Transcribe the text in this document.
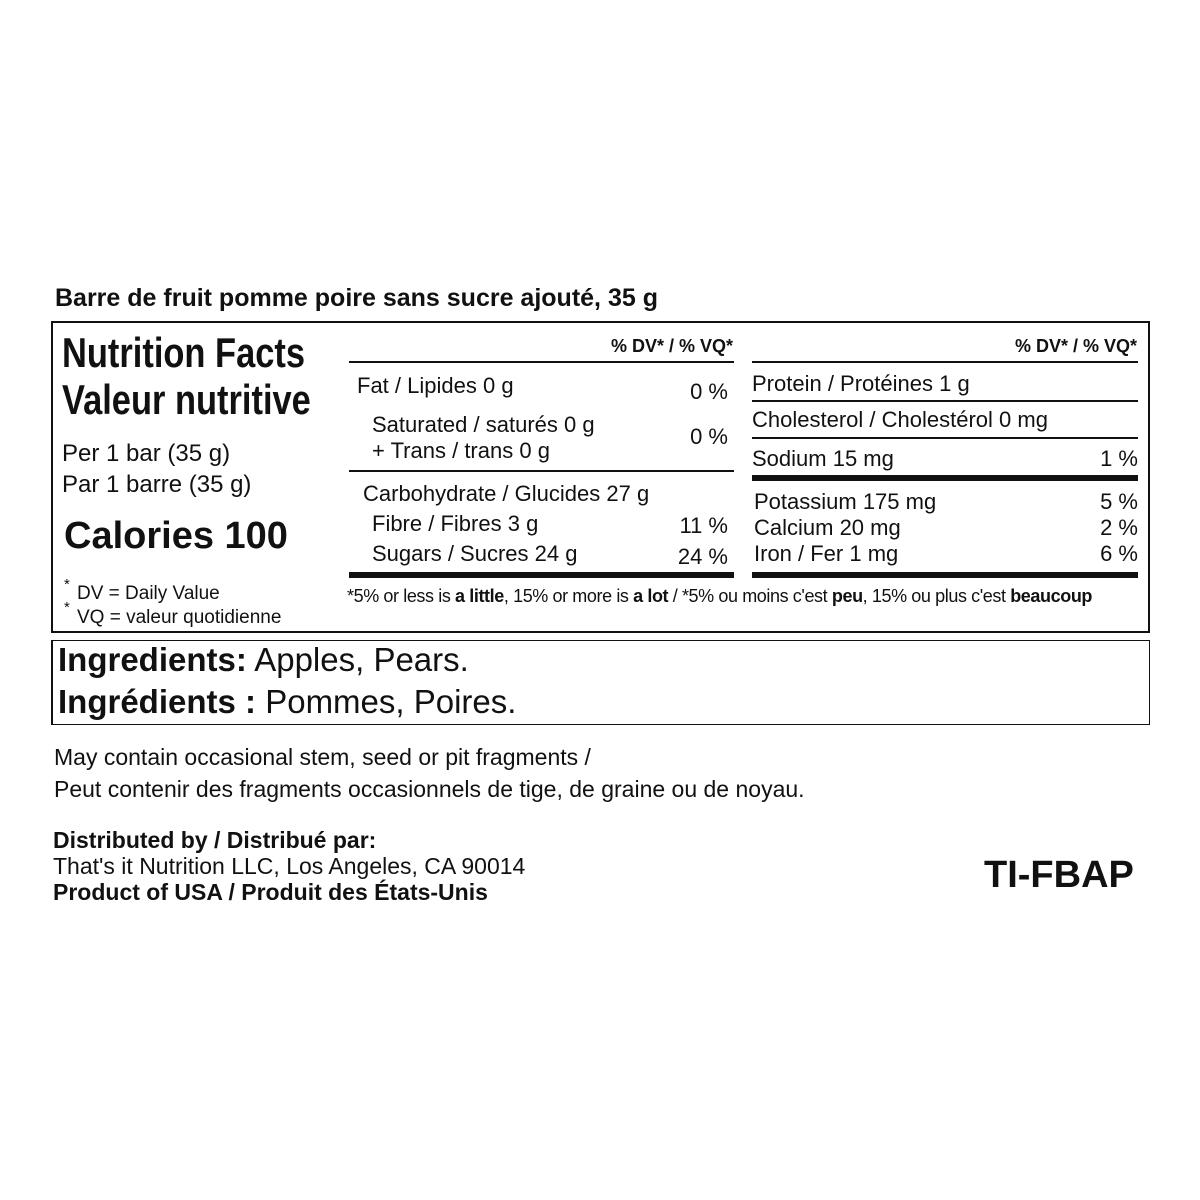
Barre de fruit pomme poire sans sucre ajouté, 35 g
Nutrition Facts
Valeur nutritive
Per 1 bar (35 g)
Par 1 barre (35 g)
Calories 100
* DV = Daily Value
* VQ = valeur quotidienne
% DV* / % VQ*
Fat / Lipides 0 g	0 %
Saturated / saturés 0 g
+ Trans / trans 0 g
0 %
Carbohydrate / Glucides 27 g
Fibre / Fibres 3 g	11 %
Sugars / Sucres 24 g	24 %
% DV* / % VQ*
Protein / Protéines 1 g
Cholesterol / Cholestérol 0 mg
Sodium 15 mg	1 %
Potassium 175 mg	5 %
Calcium 20 mg	2 %
Iron / Fer 1 mg	6 %
*5% or less is a little, 15% or more is a lot / *5% ou moins c'est peu, 15% ou plus c'est beaucoup
Ingredients: Apples, Pears.
Ingrédients : Pommes, Poires.
May contain occasional stem, seed or pit fragments /
Peut contenir des fragments occasionnels de tige, de graine ou de noyau.
Distributed by / Distribué par:
That's it Nutrition LLC, Los Angeles, CA 90014
Product of USA / Produit des États-Unis	TI-FBAP
